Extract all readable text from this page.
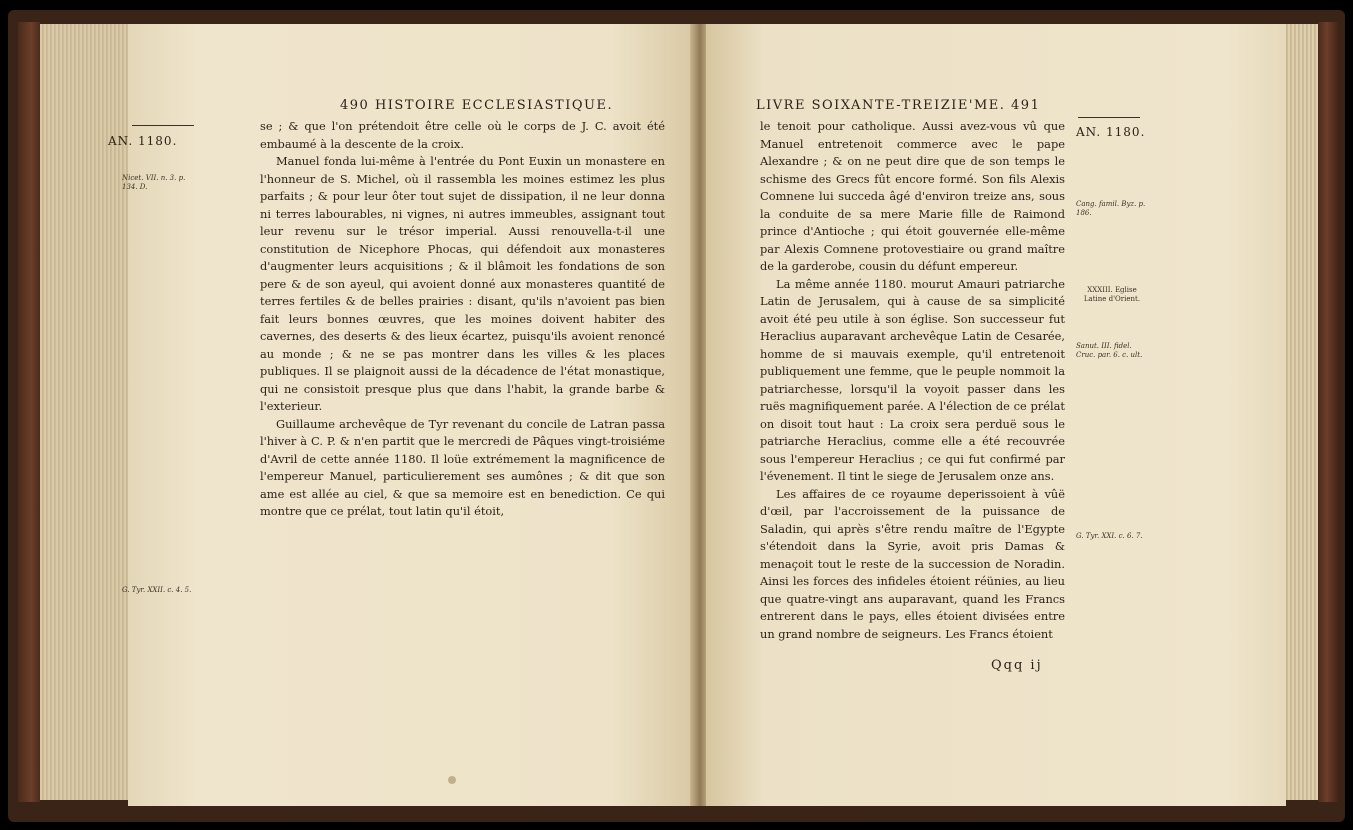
490 HISTOIRE ECCLESIASTIQUE.
AN. 1180.
Nicet. VII. n. 3. p. 134. D.
G. Tyr. XXII. c. 4. 5.

se ; & que l'on prétendoit être celle où le corps de J. C. avoit été embaumé à la descente de la croix.

Manuel fonda lui-même à l'entrée du Pont Euxin un monastere en l'honneur de S. Michel, où il rassembla les moines estimez les plus parfaits ; & pour leur ôter tout sujet de dissipation, il ne leur donna ni terres labourables, ni vignes, ni autres immeubles, assignant tout leur revenu sur le trésor imperial. Aussi renouvella-t-il une constitution de Nicephore Phocas, qui défendoit aux monasteres d'augmenter leurs acquisitions ; & il blâmoit les fondations de son pere & de son ayeul, qui avoient donné aux monasteres quantité de terres fertiles & de belles prairies : disant, qu'ils n'avoient pas bien fait leurs bonnes œuvres, que les moines doivent habiter des cavernes, des deserts & des lieux écartez, puisqu'ils avoient renoncé au monde ; & ne se pas montrer dans les villes & les places publiques. Il se plaignoit aussi de la décadence de l'état monastique, qui ne consistoit presque plus que dans l'habit, la grande barbe & l'exterieur.

Guillaume archevêque de Tyr revenant du concile de Latran passa l'hiver à C. P. & n'en partit que le mercredi de Pâques vingt-troisiéme d'Avril de cette année 1180. Il loüe extrémement la magnificence de l'empereur Manuel, particulierement ses aumônes ; & dit que son ame est allée au ciel, & que sa memoire est en benediction. Ce qui montre que ce prélat, tout latin qu'il étoit,

LIVRE SOIXANTE-TREIZIE'ME. 491
AN. 1180.
Cang. famil. Byz. p. 186.
XXXIII. Eglise Latine d'Orient.
Sanut. III. fidel. Cruc. par. 6. c. ult.
G. Tyr. XXI. c. 6. 7.

le tenoit pour catholique. Aussi avez-vous vû que Manuel entretenoit commerce avec le pape Alexandre ; & on ne peut dire que de son temps le schisme des Grecs fût encore formé. Son fils Alexis Comnene lui succeda âgé d'environ treize ans, sous la conduite de sa mere Marie fille de Raimond prince d'Antioche ; qui étoit gouvernée elle-même par Alexis Comnene protovestiaire ou grand maître de la garderobe, cousin du défunt empereur.

La même année 1180. mourut Amauri patriarche Latin de Jerusalem, qui à cause de sa simplicité avoit été peu utile à son église. Son successeur fut Heraclius auparavant archevêque Latin de Cesarée, homme de si mauvais exemple, qu'il entretenoit publiquement une femme, que le peuple nommoit la patriarchesse, lorsqu'il la voyoit passer dans les ruës magnifiquement parée. A l'élection de ce prélat on disoit tout haut : La croix sera perduë sous le patriarche Heraclius, comme elle a été recouvrée sous l'empereur Heraclius ; ce qui fut confirmé par l'évenement. Il tint le siege de Jerusalem onze ans.

Les affaires de ce royaume deperissoient à vûë d'œil, par l'accroissement de la puissance de Saladin, qui après s'être rendu maître de l'Egypte s'étendoit dans la Syrie, avoit pris Damas & menaçoit tout le reste de la succession de Noradin. Ainsi les forces des infideles étoient réünies, au lieu que quatre-vingt ans auparavant, quand les Francs entrerent dans le pays, elles étoient divisées entre un grand nombre de seigneurs. Les Francs étoient

Qqq ij
